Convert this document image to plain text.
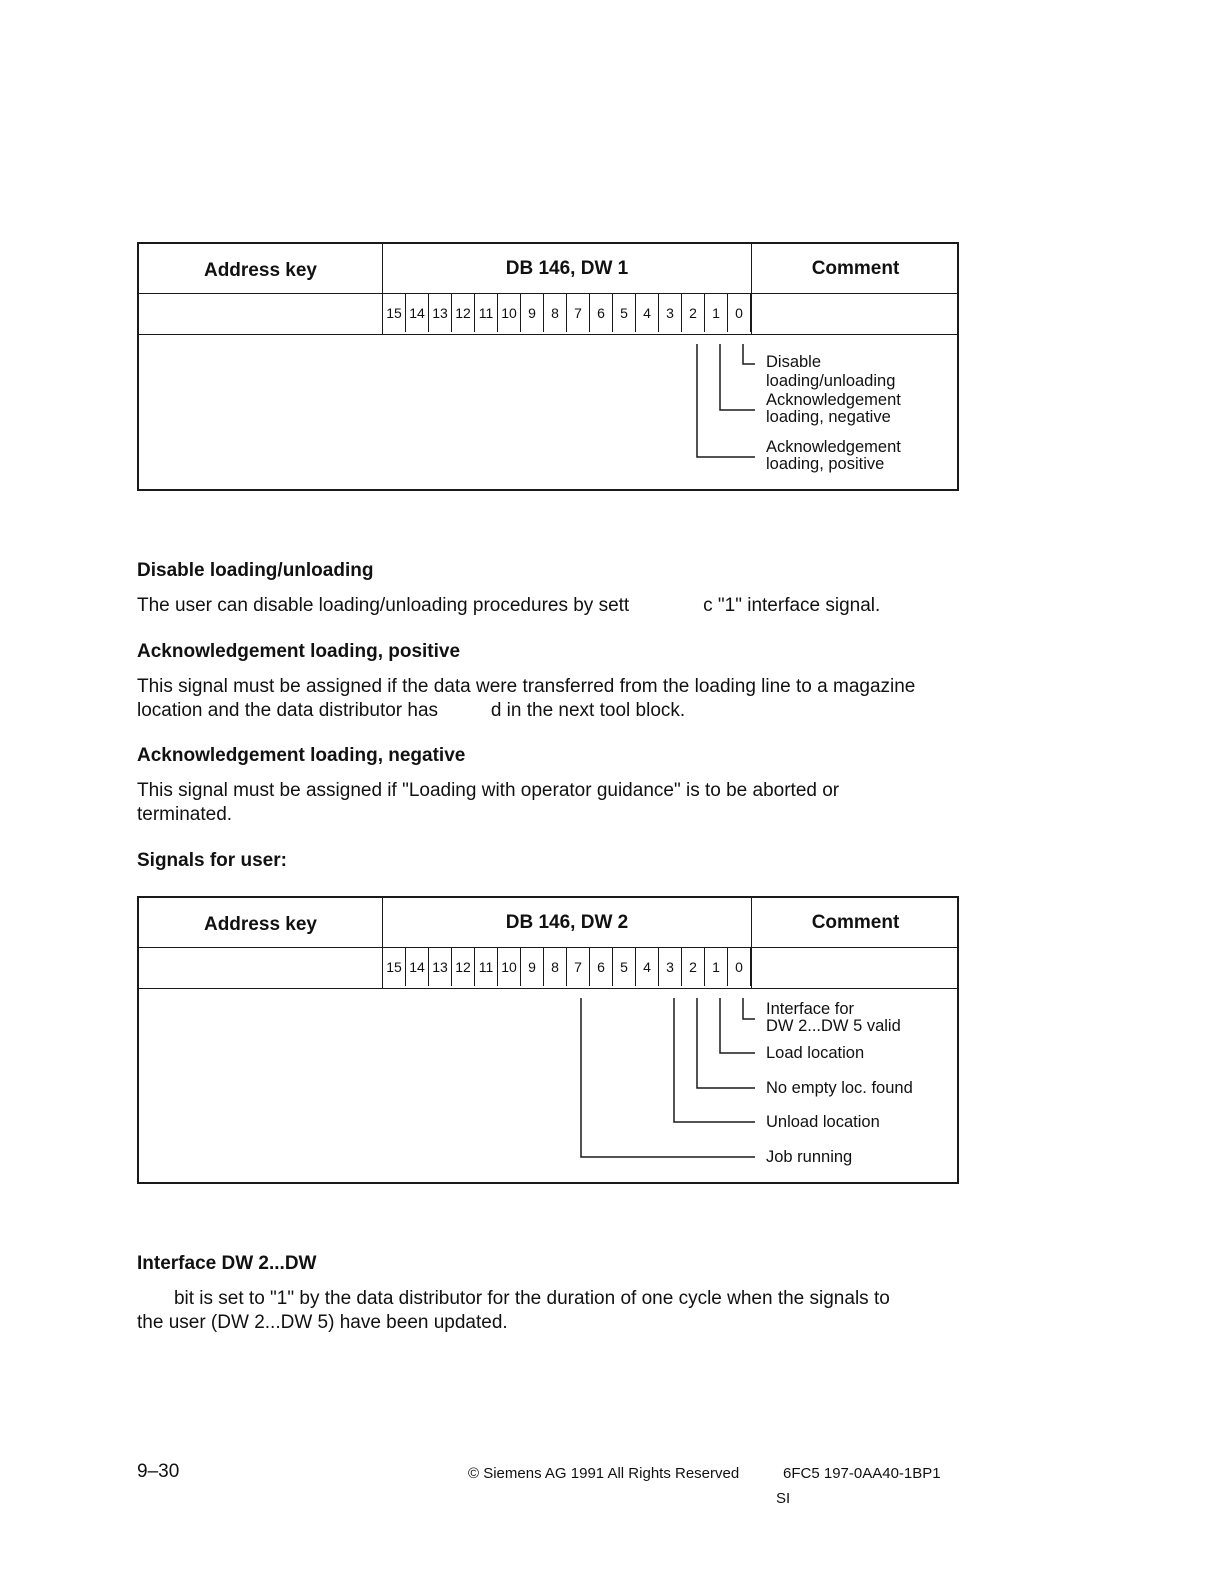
Address key	DB 146, DW 1	Comment
15 14 13 12 11 10 9	8	7	6	5	4	3	2	1	0
Disable
loading/unloading
Acknowledgement
loading, negative
Acknowledgement
loading, positive
Disable loading/unloading
The user can disable loading/unloading procedures by sett              c "1" interface signal.
Acknowledgement loading, positive
This signal must be assigned if the data were transferred from the loading line to a magazine
location and the data distributor has          d in the next tool block.
Acknowledgement loading, negative
This signal must be assigned if "Loading with operator guidance" is to be aborted or
terminated.
Signals for user:
Address key	DB 146, DW 2	Comment
15 14 13 12 11 10 9	8	7	6	5	4	3	2	1	0
Interface for
DW 2...DW 5 valid
Load location
No empty loc. found
Unload location
Job running
Interface DW 2...DW
bit is set to "1" by the data distributor for the duration of one cycle when the signals to
the user (DW 2...DW 5) have been updated.
9–30	© Siemens AG 1991 All Rights Reserved	6FC5 197-0AA40-1BP1
SI
